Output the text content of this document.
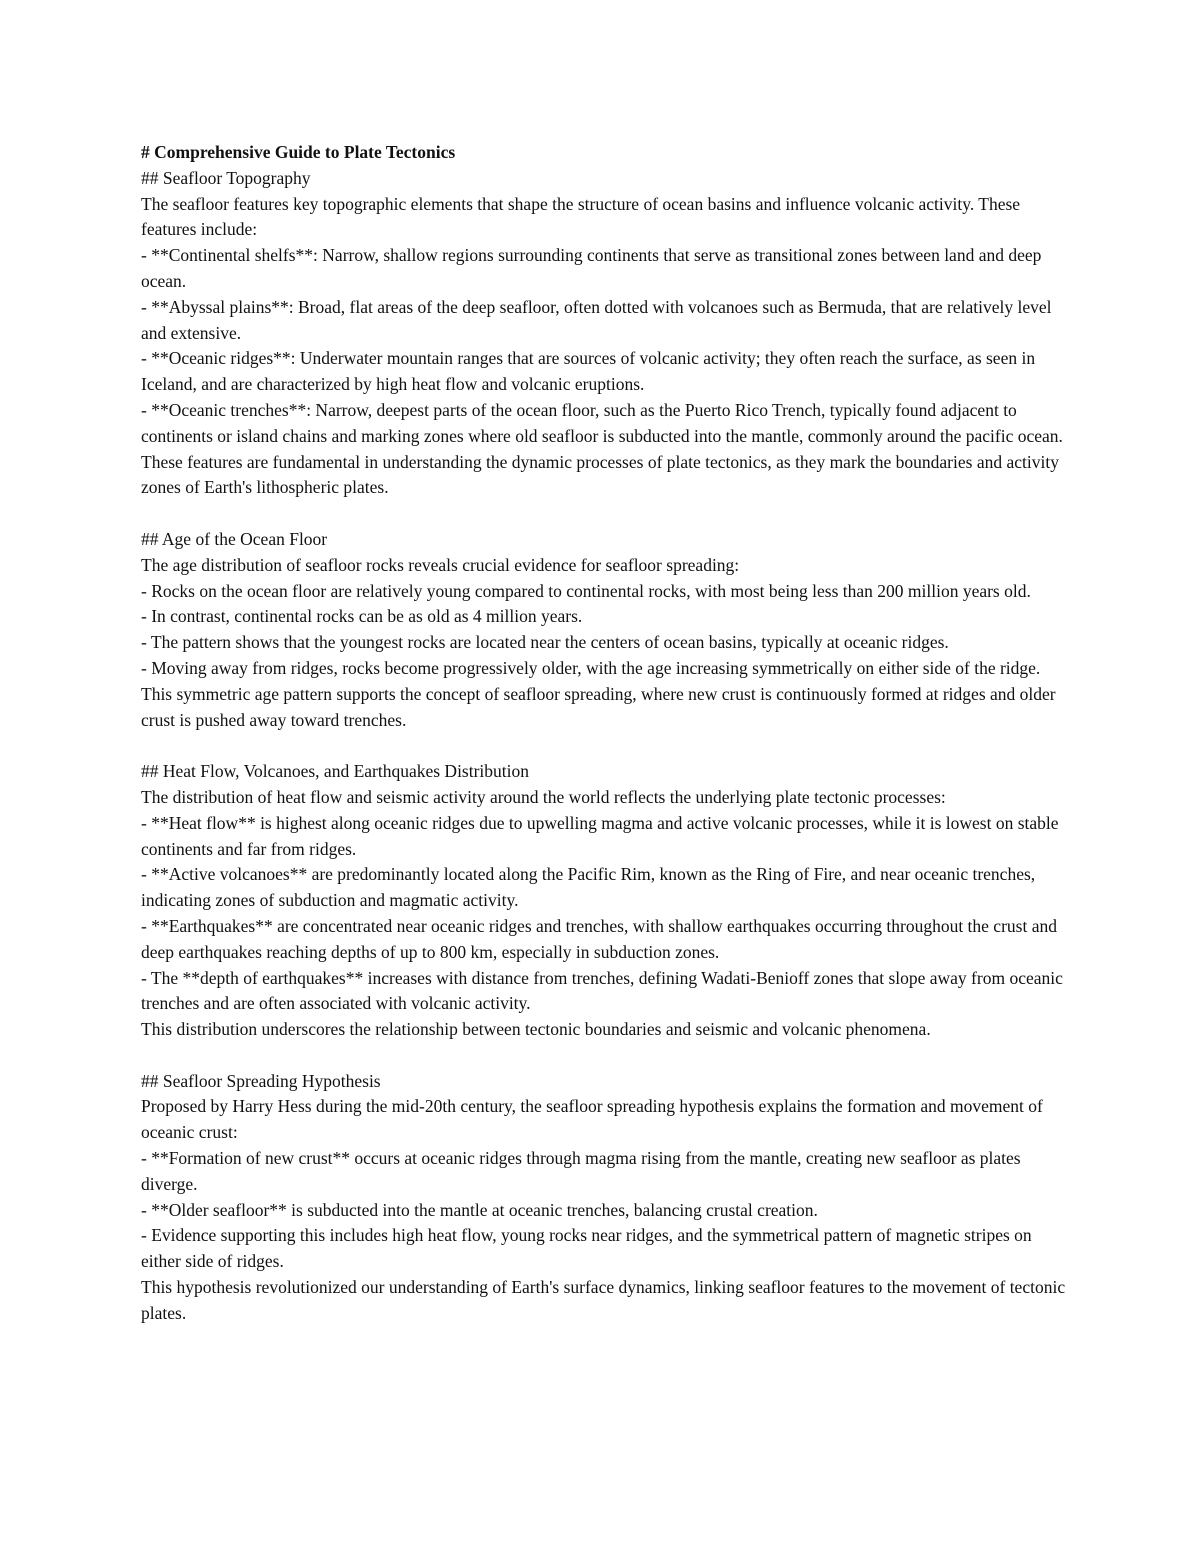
# Comprehensive Guide to Plate Tectonics

## Seafloor Topography

The seafloor features key topographic elements that shape the structure of ocean basins and influence volcanic activity. These features include:

- **Continental shelfs**: Narrow, shallow regions surrounding continents that serve as transitional zones between land and deep ocean.

- **Abyssal plains**: Broad, flat areas of the deep seafloor, often dotted with volcanoes such as Bermuda, that are relatively level and extensive.

- **Oceanic ridges**: Underwater mountain ranges that are sources of volcanic activity; they often reach the surface, as seen in Iceland, and are characterized by high heat flow and volcanic eruptions.

- **Oceanic trenches**: Narrow, deepest parts of the ocean floor, such as the Puerto Rico Trench, typically found adjacent to continents or island chains and marking zones where old seafloor is subducted into the mantle, commonly around the pacific ocean.

These features are fundamental in understanding the dynamic processes of plate tectonics, as they mark the boundaries and activity zones of Earth's lithospheric plates.

## Age of the Ocean Floor

The age distribution of seafloor rocks reveals crucial evidence for seafloor spreading:

- Rocks on the ocean floor are relatively young compared to continental rocks, with most being less than 200 million years old.

- In contrast, continental rocks can be as old as 4 million years.

- The pattern shows that the youngest rocks are located near the centers of ocean basins, typically at oceanic ridges.

- Moving away from ridges, rocks become progressively older, with the age increasing symmetrically on either side of the ridge.

This symmetric age pattern supports the concept of seafloor spreading, where new crust is continuously formed at ridges and older crust is pushed away toward trenches.

## Heat Flow, Volcanoes, and Earthquakes Distribution

The distribution of heat flow and seismic activity around the world reflects the underlying plate tectonic processes:

- **Heat flow** is highest along oceanic ridges due to upwelling magma and active volcanic processes, while it is lowest on stable continents and far from ridges.

- **Active volcanoes** are predominantly located along the Pacific Rim, known as the Ring of Fire, and near oceanic trenches, indicating zones of subduction and magmatic activity.

- **Earthquakes** are concentrated near oceanic ridges and trenches, with shallow earthquakes occurring throughout the crust and deep earthquakes reaching depths of up to 800 km, especially in subduction zones.

- The **depth of earthquakes** increases with distance from trenches, defining Wadati-Benioff zones that slope away from oceanic trenches and are often associated with volcanic activity.

This distribution underscores the relationship between tectonic boundaries and seismic and volcanic phenomena.

## Seafloor Spreading Hypothesis

Proposed by Harry Hess during the mid-20th century, the seafloor spreading hypothesis explains the formation and movement of oceanic crust:

- **Formation of new crust** occurs at oceanic ridges through magma rising from the mantle, creating new seafloor as plates diverge.

- **Older seafloor** is subducted into the mantle at oceanic trenches, balancing crustal creation.

- Evidence supporting this includes high heat flow, young rocks near ridges, and the symmetrical pattern of magnetic stripes on either side of ridges.

This hypothesis revolutionized our understanding of Earth's surface dynamics, linking seafloor features to the movement of tectonic plates.
